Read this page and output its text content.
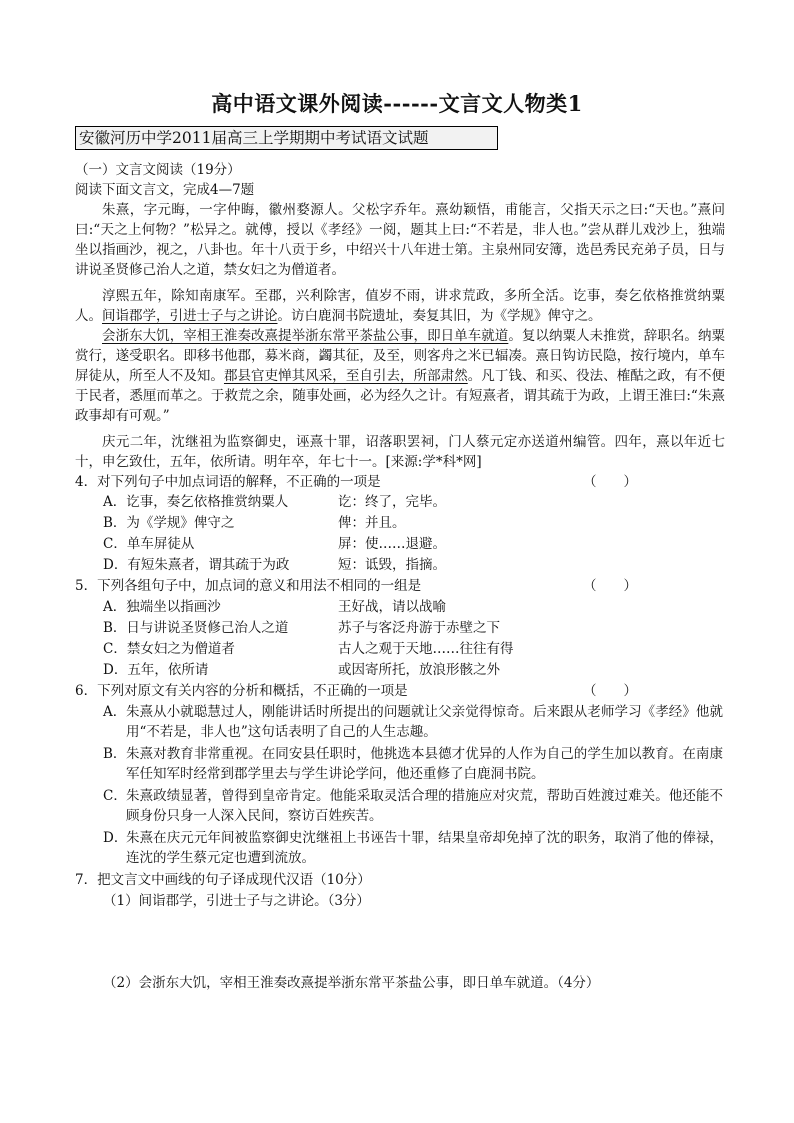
高中语文课外阅读------文言文人物类1
安徽河历中学2011届高三上学期期中考试语文试题
（一）文言文阅读（19分）
阅读下面文言文，完成4—7题
朱熹，字元晦，一字仲晦，徽州婺源人。父松字乔年。熹幼颖悟，甫能言，父指天示之曰:“天也。”熹问曰:“天之上何物？”松异之。就傅，授以《孝经》一阅，题其上曰:“不若是，非人也。”尝从群儿戏沙上，独端坐以指画沙，视之，八卦也。年十八贡于乡，中绍兴十八年进士第。主泉州同安簿，选邑秀民充弟子员，日与讲说圣贤修己治人之道，禁女妇之为僧道者。
淳熙五年，除知南康军。至郡，兴利除害，值岁不雨，讲求荒政，多所全活。讫事，奏乞依格推赏纳粟人。间诣郡学，引进士子与之讲论。访白鹿洞书院遗址，奏复其旧，为《学规》俾守之。
会浙东大饥，宰相王淮奏改熹提举浙东常平茶盐公事，即日单车就道。复以纳粟人未推赏，辞职名。纳粟赏行，遂受职名。即移书他郡，募米商，蠲其征，及至，则客舟之米已辐凑。熹日钩访民隐，按行境内，单车屏徒从，所至人不及知。郡县官吏惮其风采，至自引去，所部肃然。凡丁钱、和买、役法、榷酤之政，有不便于民者，悉厘而革之。于救荒之余，随事处画，必为经久之计。有短熹者，谓其疏于为政，上谓王淮曰:“朱熹政事却有可观。”
庆元二年，沈继祖为监察御史，诬熹十罪，诏落职罢祠，门人蔡元定亦送道州编管。四年，熹以年近七十，申乞致仕，五年，依所请。明年卒，年七十一。[来源:学*科*网]
4．对下列句子中加点词语的解释，不正确的一项是	（　　）
A．讫事，奏乞依格推赏纳粟人	讫：终了，完毕。
B．为《学规》俾守之	俾：并且。
C．单车屏徒从	屏：使……退避。
D．有短朱熹者，谓其疏于为政	短：诋毁，指摘。
5．下列各组句子中，加点词的意义和用法不相同的一组是	（　　）
A．独端坐以指画沙	王好战，请以战喻
B．日与讲说圣贤修己治人之道	苏子与客泛舟游于赤壁之下
C．禁女妇之为僧道者	古人之观于天地……往往有得
D．五年，依所请	或因寄所托，放浪形骸之外
6．下列对原文有关内容的分析和概括，不正确的一项是	（　　）
A． 朱熹从小就聪慧过人，刚能讲话时所提出的问题就让父亲觉得惊奇。后来跟从老师学习《孝经》他就用“不若是，非人也”这句话表明了自己的人生志趣。
B． 朱熹对教育非常重视。在同安县任职时，他挑选本县德才优异的人作为自己的学生加以教育。在南康军任知军时经常到郡学里去与学生讲论学问，他还重修了白鹿洞书院。
C． 朱熹政绩显著，曾得到皇帝肯定。他能采取灵活合理的措施应对灾荒，帮助百姓渡过难关。他还能不顾身份只身一人深入民间，察访百姓疾苦。
D．
朱熹在庆元元年间被监察御史沈继祖上书诬告十罪，结果皇帝却免掉了沈的职务，取消了他的俸禄，连沈的学生蔡元定也遭到流放。
7．把文言文中画线的句子译成现代汉语（10分）
（1）间诣郡学，引进士子与之讲论。（3分）
（2）会浙东大饥，宰相王淮奏改熹提举浙东常平茶盐公事，即日单车就道。（4分）
